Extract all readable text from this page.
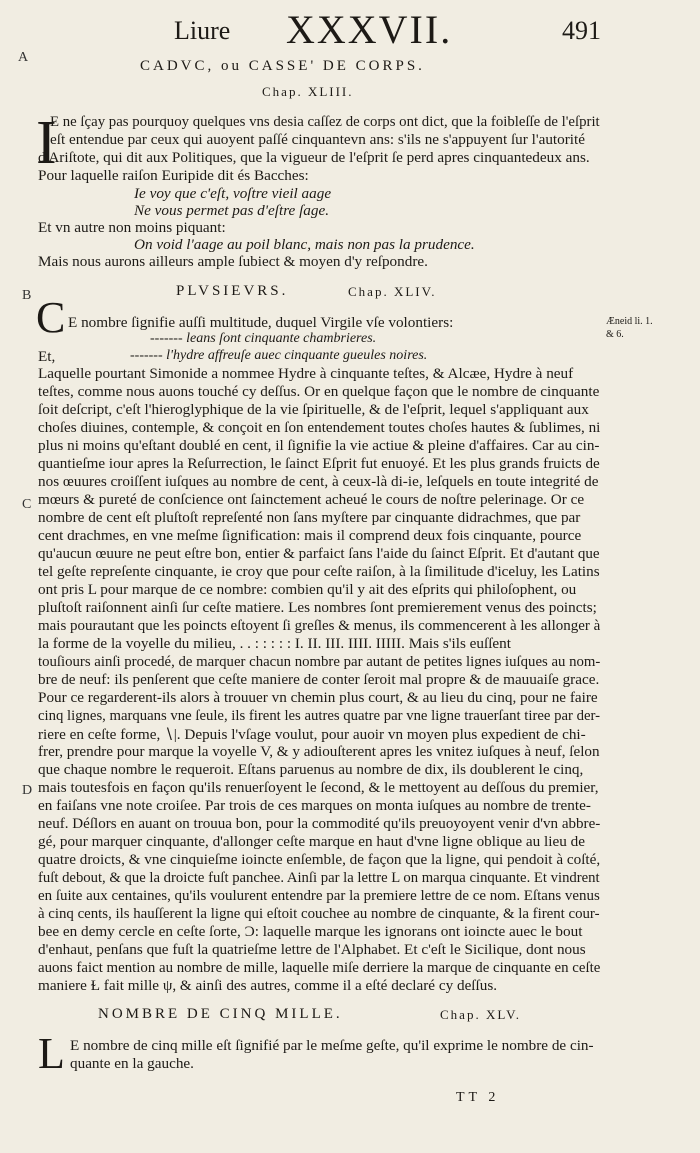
Liure XXXVII.	491
A
B
C
D
CADVC, ou CASSE' DE CORPS.
Chap. XLIII.
I
E ne ſçay pas pourquoy quelques vns desia caſſez de corps ont dict, que la foibleſſe de l'eſprit
eſt entendue par ceux qui auoyent paſſé cinquantevn ans: s'ils ne s'appuyent ſur l'autorité
d'Ariſtote, qui dit aux Politiques, que la vigueur de l'eſprit ſe perd apres cinquantedeux ans.
Pour laquelle raiſon Euripide dit és Bacches:
Ie voy que c'eſt, voſtre vieil aage
Ne vous permet pas d'eſtre ſage.
Et vn autre non moins piquant:
On void l'aage au poil blanc, mais non pas la prudence.
Mais nous aurons ailleurs ample ſubiect & moyen d'y reſpondre.
PLVSIEVRS.	Chap. XLIV.
C E nombre ſignifie auſſi multitude, duquel Virgile vſe volontiers:
------- leans ſont cinquante chambrieres.
Et,	------- l'hydre affreuſe auec cinquante gueules noires.
Æneid li. 1.
& 6.
Laquelle pourtant Simonide a nommee Hydre à cinquante teſtes, & Alcæe, Hydre à neuf
teſtes, comme nous auons touché cy deſſus. Or en quelque façon que le nombre de cinquante
ſoit deſcript, c'eſt l'hieroglyphique de la vie ſpirituelle, & de l'eſprit, lequel s'appliquant aux
choſes diuines, contemple, & conçoit en ſon entendement toutes choſes hautes & ſublimes, ni
plus ni moins qu'eſtant doublé en cent, il ſignifie la vie actiue & pleine d'affaires. Car au cin-
quantieſme iour apres la Reſurrection, le ſainct Eſprit fut enuoyé. Et les plus grands fruicts de
nos œuures croiſſent iuſques au nombre de cent, à ceux-là di-ie, leſquels en toute integrité de
mœurs & pureté de conſcience ont ſainctement acheué le cours de noſtre pelerinage. Or ce
nombre de cent eſt pluſtoſt repreſenté non ſans myſtere par cinquante didrachmes, que par
cent drachmes, en vne meſme ſignification: mais il comprend deux fois cinquante, pource
qu'aucun œuure ne peut eſtre bon, entier & parfaict ſans l'aide du ſainct Eſprit. Et d'autant que
tel geſte repreſente cinquante, ie croy que pour ceſte raiſon, à la ſimilitude d'iceluy, les Latins
ont pris L pour marque de ce nombre: combien qu'il y ait des eſprits qui philoſophent, ou
pluſtoſt raiſonnent ainſi ſur ceſte matiere. Les nombres ſont premierement venus des poincts;
mais pourautant que les poincts eſtoyent ſi greſles & menus, ils commencerent à les allonger à
la forme de la voyelle du milieu, . . : : : : : I. II. III. IIII. IIIII. Mais s'ils euſſent
touſiours ainſi procedé, de marquer chacun nombre par autant de petites lignes iuſques au nom-
bre de neuf: ils penſerent que ceſte maniere de conter ſeroit mal propre & de mauuaiſe grace.
Pour ce regarderent-ils alors à trouuer vn chemin plus court, & au lieu du cinq, pour ne faire
cinq lignes, marquans vne ſeule, ils firent les autres quatre par vne ligne trauerſant tiree par der-
riere en ceſte forme, ∖|. Depuis l'vſage voulut, pour auoir vn moyen plus expedient de chi-
frer, prendre pour marque la voyelle V, & y adiouſterent apres les vnitez iuſques à neuf, ſelon
que chaque nombre le requeroit. Eſtans paruenus au nombre de dix, ils doublerent le cinq,
mais toutesfois en façon qu'ils renuerſoyent le ſecond, & le mettoyent au deſſous du premier,
en faiſans vne note croiſee. Par trois de ces marques on monta iuſques au nombre de trente-
neuf. Déſlors en auant on trouua bon, pour la commodité qu'ils preuoyoyent venir d'vn abbre-
gé, pour marquer cinquante, d'allonger ceſte marque en haut d'vne ligne oblique au lieu de
quatre droicts, & vne cinquieſme ioincte enſemble, de façon que la ligne, qui pendoit à coſté,
fuſt debout, & que la droicte fuſt panchee. Ainſi par la lettre L on marqua cinquante. Et vindrent
en ſuite aux centaines, qu'ils voulurent entendre par la premiere lettre de ce nom. Eſtans venus
à cinq cents, ils hauſſerent la ligne qui eſtoit couchee au nombre de cinquante, & la firent cour-
bee en demy cercle en ceſte ſorte, Ɔ: laquelle marque les ignorans ont ioincte auec le bout
d'enhaut, penſans que fuſt la quatrieſme lettre de l'Alphabet. Et c'eſt le Sicilique, dont nous
auons faict mention au nombre de mille, laquelle miſe derriere la marque de cinquante en ceſte
maniere Ɫ fait mille ψ, & ainſi des autres, comme il a eſté declaré cy deſſus.
NOMBRE DE CINQ MILLE.	Chap. XLV.
L E nombre de cinq mille eſt ſignifié par le meſme geſte, qu'il exprime le nombre de cin-
quante en la gauche.
TT 2
